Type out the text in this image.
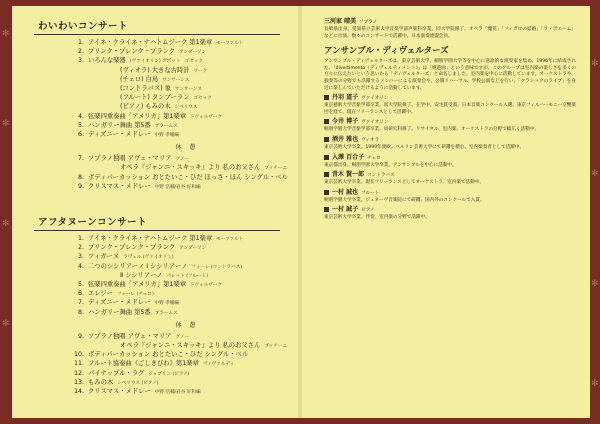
✻
✻
✻
✻
✻
✻
✻
✻
わいわいコンサート
1. アイネ・クライネ・ナハトムジーク 第1楽章 モーツァルト
2. プリンク・プレンク・プランク アンダーソン
3. いろんな楽器 (ヴァイオリン) ガボット ゴセック
(ヴィオラ) 大きな古時計 ワーク
(チェロ) 白鳥 サンサーンス
(コントラバス) 象 サンサーンス
(フルート) タンブーラン ゴセック
(ピアノ) もみの木 シベリウス
4. 弦楽四重奏曲「アメリカ」第1楽章 ドヴォルザーク
5. ハンガリー舞曲 第5番 ブラームス
6. ディズニー・メドレー 中野 孝輔編
休 憩
7. ソプラノ独唱 アヴェ・マリア グノー
オペラ『ジャンニ・スキッキ』より 私のお父さん プッチーニ
8. ボディパーカッション おとたいこ・ひだ ほっさ・ほん シングル・ベル
9. クリスマス・メドレー 中野 浩輔/岩谷 好和編
アフタヌーンコンサート
1. アイネ・クライネ・ナハトムジーク 第1楽章 モーツァルト
2. プリンク・プレンク・プランク アンダーソン
3. ツィガーヌ ラヴェル (ヴァイオリン)
4. 二つのシシリアーノ Ⅰ シシリアーノ フォーレ (コントラバス)
Ⅱ シシリアーノ パレット (フルート)
5. 弦楽四重奏曲「アメリカ」第1楽章 ドヴォルザーク
6. エレジー フォーレ (チェロ)
7. ディズニー・メドレー 中野 孝輔編
8. ハンガリー舞曲 第5番 ブラームス
休 憩
9. ソプラノ独唱 アヴェ・マリア グノー
オペラ『ジャンニ・スキッキ』より 私のお父さん プッチーニ
10. ボディパーカッション おとたいこ・ひだ シングル・ベル
11. フルート協奏曲《ごしきびわ》第1楽章 ヴィヴァルディ
12. パイナップル・ラグ ジョプリン (ピアノ)
13. もみの木 シベリウス (ピアノ)
14. クリスマス・メドレー 中野 浩輔/岩谷 好和編
三河家 晴美 ソプラノ

長崎県出身。愛知県立芸術大学音楽学部声楽科卒業。同大学院修了。オペラ「魔笛」「フィガロの結婚」「ラ・ボエーム」などに出演。数々のコンサートで活躍中。日本演奏連盟会員。

アンサンブル・ディヴェルターズ

アンサンブル・ディヴェルターズは、東京芸術大学、桐朋学園大学等を中心に意欲的な演奏家を集め、1996年に結成された。「divertimento（ディヴェルティメント）」は「嬉遊曲」という意味ですが、このグループは室内楽の楽しさを多くの方々に伝えたいという思いから「ディヴェルターズ」と命名しました。室内楽を中心に活動しています。オーケストラや、独奏等の分野でも活躍するメンバーによる演奏会や、公開リハーサル、学校公演などを行い、「クラシックのライブ」を身近に楽しんでいただけるように活動しています。

丹羽 道子 ヴァイオリン

東京藝術大学音楽学部卒業。同大学院修了。在学中、安宅賞受賞。日本音楽コンクール入選。東京フィルハーモニー交響楽団を経て、現在フリーランスとして活躍中。

今井 博子 ヴァイオリン

桐朋学園大学音楽学部卒業。同研究科修了。リサイタル、室内楽、オーケストラの分野で幅広く活動中。

酒井 雅也 ヴィオラ

東京芸術大学卒業。1999年渡欧。ベルリン芸術大学にて研鑽を積む。室内楽奏者として活躍中。

入澤 百合子 チェロ

東京都出身。桐朋学園大学卒業。アンサンブルを中心に活動中。

青木 賢一郎 コントラバス

東京芸術大学卒業。現在フリーランスとしてオーケストラ、室内楽で活動中。

一村 誠也 フルート

桐朋学園大学卒業。ジュネーヴ音楽院にて研鑽。国内外のコンクールで入賞。

一村 誠子 ピアノ

東京芸術大学卒業。伴奏、室内楽の分野で活躍中。
